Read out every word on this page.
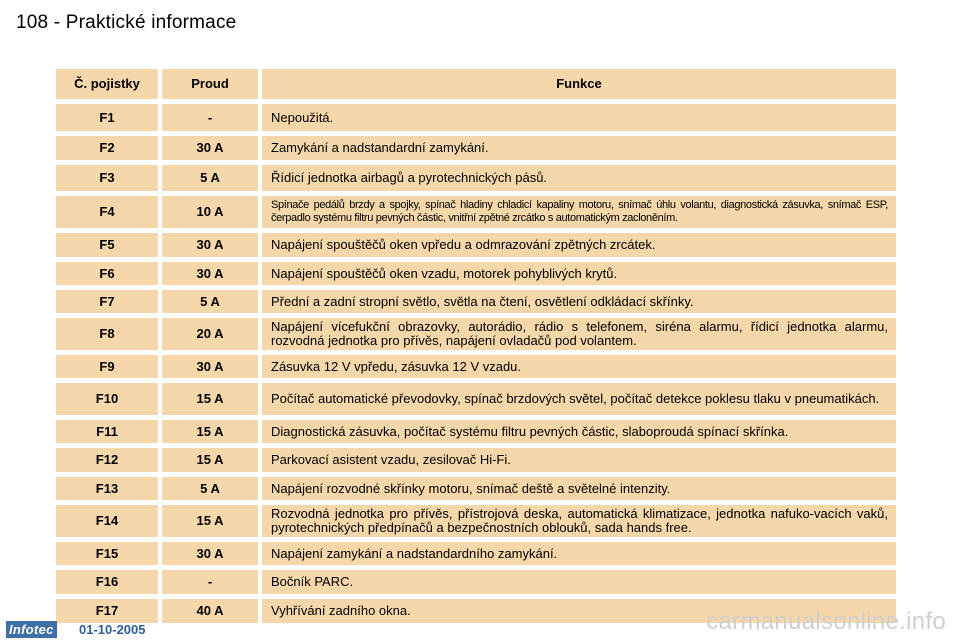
108 - Praktické informace
Č. pojistky	Proud	Funkce
F1	-	Nepoužitá.
F2	30 A	Zamykání a nadstandardní zamykání.
F3	5 A	Řídicí jednotka airbagů a pyrotechnických pásů.
F4	10 A	Spínače pedálů brzdy a spojky, spínač hladiny chladicí kapaliny motoru, snímač úhlu volantu, diagnostická zásuvka, snímač ESP, čerpadlo systému filtru pevných částic, vnitřní zpětné zrcátko s automatickým zacloněním.
F5	30 A	Napájení spouštěčů oken vpředu a odmrazování zpětných zrcátek.
F6	30 A	Napájení spouštěčů oken vzadu, motorek pohyblivých krytů.
F7	5 A	Přední a zadní stropní světlo, světla na čtení, osvětlení odkládací skřínky.
F8	20 A	Napájení vícefukční obrazovky, autorádio, rádio s telefonem, siréna alarmu, řídicí jednotka alarmu, rozvodná jednotka pro přívěs, napájení ovladačů pod volantem.
F9	30 A	Zásuvka 12 V vpředu, zásuvka 12 V vzadu.
F10	15 A	Počítač automatické převodovky, spínač brzdových světel, počítač detekce poklesu tlaku v pneumatikách.
F11	15 A	Diagnostická zásuvka, počítač systému filtru pevných částic, slaboproudá spínací skřínka.
F12	15 A	Parkovací asistent vzadu, zesilovač Hi-Fi.
F13	5 A	Napájení rozvodné skřínky motoru, snímač deště a světelné intenzity.
F14	15 A	Rozvodná jednotka pro přívěs, přístrojová deska, automatická klimatizace, jednotka nafuko-vacích vaků, pyrotechnických předpínačů a bezpečnostních oblouků, sada hands free.
F15	30 A	Napájení zamykání a nadstandardního zamykání.
F16	-	Bočník PARC.
F17	40 A	Vyhřívání zadního okna.
Infotec 01-10-2005	carmanualsonline.info
